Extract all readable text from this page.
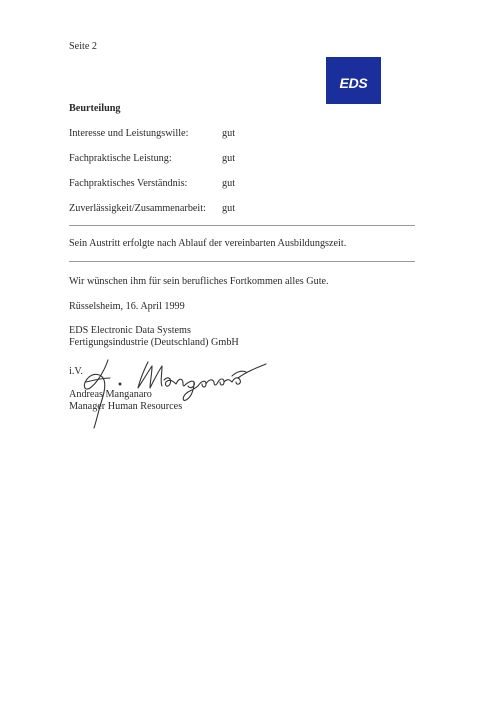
Seite 2
EDS
Beurteilung
Interesse und Leistungswille:	gut
Fachpraktische Leistung:	gut
Fachpraktisches Verständnis:	gut
Zuverlässigkeit/Zusammenarbeit: gut
Sein Austritt erfolgte nach Ablauf der vereinbarten Ausbildungszeit.
Wir wünschen ihm für sein berufliches Fortkommen alles Gute.
Rüsselsheim, 16. April 1999
EDS Electronic Data Systems
Fertigungsindustrie (Deutschland) GmbH
i.V.
Andreas Manganaro
Manager Human Resources
